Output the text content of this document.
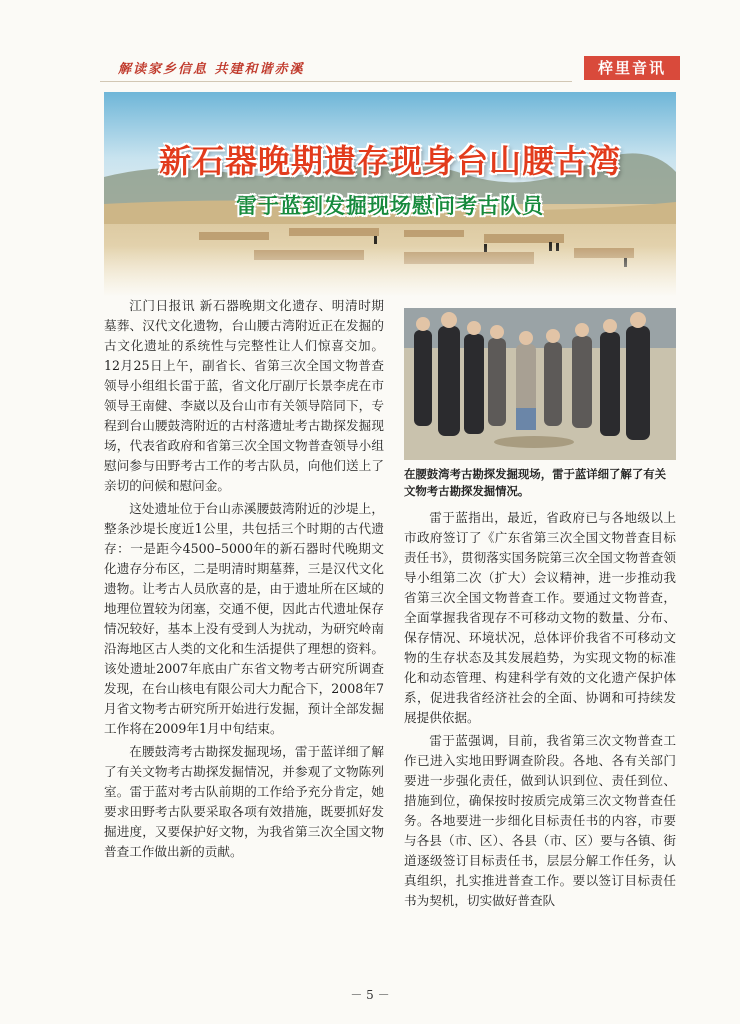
解读家乡信息 共建和谐赤溪	梓里音讯
新石器晚期遗存现身台山腰古湾
雷于蓝到发掘现场慰问考古队员

江门日报讯 新石器晚期文化遗存、明清时期墓葬、汉代文化遗物，台山腰古湾附近正在发掘的古文化遗址的系统性与完整性让人们惊喜交加。12月25日上午，副省长、省第三次全国文物普查领导小组组长雷于蓝，省文化厅副厅长景李虎在市领导王南健、李崴以及台山市有关领导陪同下，专程到台山腰鼓湾附近的古村落遗址考古勘探发掘现场，代表省政府和省第三次全国文物普查领导小组慰问参与田野考古工作的考古队员，向他们送上了亲切的问候和慰问金。

这处遗址位于台山赤溪腰鼓湾附近的沙堤上，整条沙堤长度近1公里，共包括三个时期的古代遗存：一是距今4500–5000年的新石器时代晚期文化遗存分布区，二是明清时期墓葬，三是汉代文化遗物。让考古人员欣喜的是，由于遗址所在区域的地理位置较为闭塞，交通不便，因此古代遗址保存情况较好，基本上没有受到人为扰动，为研究岭南沿海地区古人类的文化和生活提供了理想的资料。该处遗址2007年底由广东省文物考古研究所调查发现，在台山核电有限公司大力配合下，2008年7月省文物考古研究所开始进行发掘，预计全部发掘工作将在2009年1月中旬结束。

在腰鼓湾考古勘探发掘现场，雷于蓝详细了解了有关文物考古勘探发掘情况，并参观了文物陈列室。雷于蓝对考古队前期的工作给予充分肯定，她要求田野考古队要采取各项有效措施，既要抓好发掘进度，又要保护好文物，为我省第三次全国文物普查工作做出新的贡献。

在腰鼓湾考古勘探发掘现场，雷于蓝详细了解了有关文物考古勘探发掘情况。

雷于蓝指出，最近，省政府已与各地级以上市政府签订了《广东省第三次全国文物普查目标责任书》，贯彻落实国务院第三次全国文物普查领导小组第二次（扩大）会议精神，进一步推动我省第三次全国文物普查工作。要通过文物普查，全面掌握我省现存不可移动文物的数量、分布、保存情况、环境状况，总体评价我省不可移动文物的生存状态及其发展趋势，为实现文物的标准化和动态管理、构建科学有效的文化遗产保护体系，促进我省经济社会的全面、协调和可持续发展提供依据。

雷于蓝强调，目前，我省第三次文物普查工作已进入实地田野调查阶段。各地、各有关部门要进一步强化责任，做到认识到位、责任到位、措施到位，确保按时按质完成第三次文物普查任务。各地要进一步细化目标责任书的内容，市要与各县（市、区）、各县（市、区）要与各镇、街道逐级签订目标责任书，层层分解工作任务，认真组织，扎实推进普查工作。要以签订目标责任书为契机，切实做好普查队

－ 5 －
